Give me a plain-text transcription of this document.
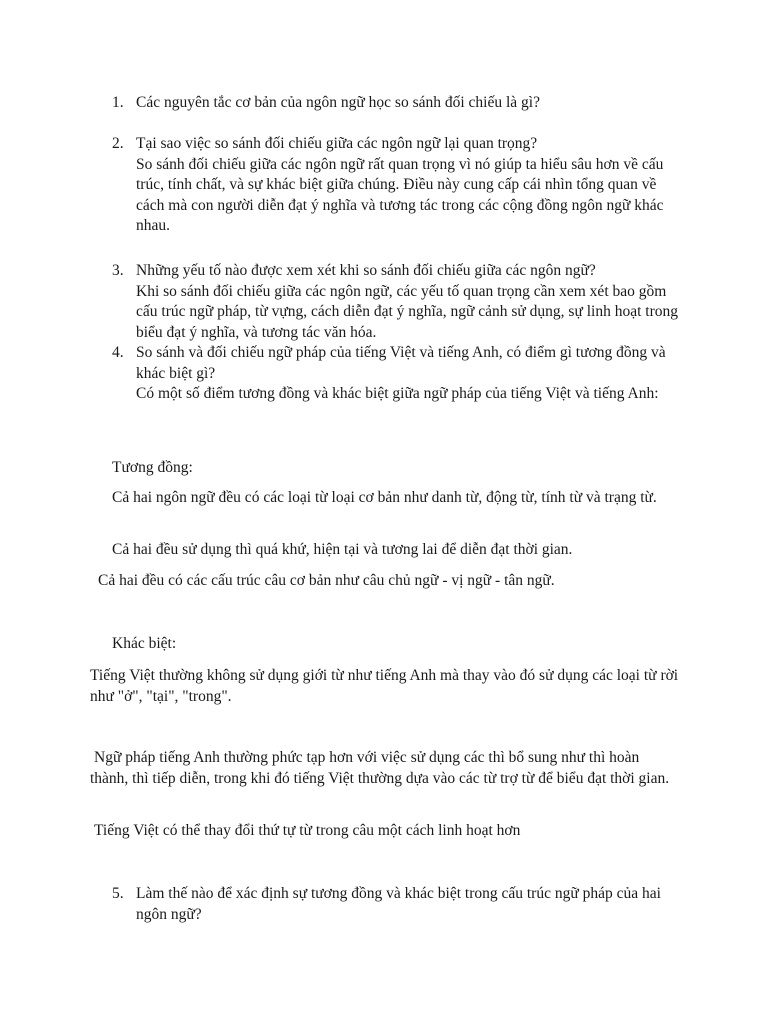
1. Các nguyên tắc cơ bản của ngôn ngữ học so sánh đối chiếu là gì?

2. Tại sao việc so sánh đối chiếu giữa các ngôn ngữ lại quan trọng?

So sánh đối chiếu giữa các ngôn ngữ rất quan trọng vì nó giúp ta hiểu sâu hơn về cấu trúc, tính chất, và sự khác biệt giữa chúng. Điều này cung cấp cái nhìn tổng quan về cách mà con người diễn đạt ý nghĩa và tương tác trong các cộng đồng ngôn ngữ khác nhau.

3. Những yếu tố nào được xem xét khi so sánh đối chiếu giữa các ngôn ngữ?

Khi so sánh đối chiếu giữa các ngôn ngữ, các yếu tố quan trọng cần xem xét bao gồm cấu trúc ngữ pháp, từ vựng, cách diễn đạt ý nghĩa, ngữ cảnh sử dụng, sự linh hoạt trong biểu đạt ý nghĩa, và tương tác văn hóa.

4. So sánh và đối chiếu ngữ pháp của tiếng Việt và tiếng Anh, có điểm gì tương đồng và khác biệt gì?

Có một số điểm tương đồng và khác biệt giữa ngữ pháp của tiếng Việt và tiếng Anh:

Tương đồng:

Cả hai ngôn ngữ đều có các loại từ loại cơ bản như danh từ, động từ, tính từ và trạng từ.

Cả hai đều sử dụng thì quá khứ, hiện tại và tương lai để diễn đạt thời gian.

Cả hai đều có các cấu trúc câu cơ bản như câu chủ ngữ - vị ngữ - tân ngữ.

Khác biệt:

Tiếng Việt thường không sử dụng giới từ như tiếng Anh mà thay vào đó sử dụng các loại từ rời như "ở", "tại", "trong".

Ngữ pháp tiếng Anh thường phức tạp hơn với việc sử dụng các thì bổ sung như thì hoàn thành, thì tiếp diễn, trong khi đó tiếng Việt thường dựa vào các từ trợ từ để biểu đạt thời gian.

Tiếng Việt có thể thay đổi thứ tự từ trong câu một cách linh hoạt hơn

5. Làm thế nào để xác định sự tương đồng và khác biệt trong cấu trúc ngữ pháp của hai ngôn ngữ?
